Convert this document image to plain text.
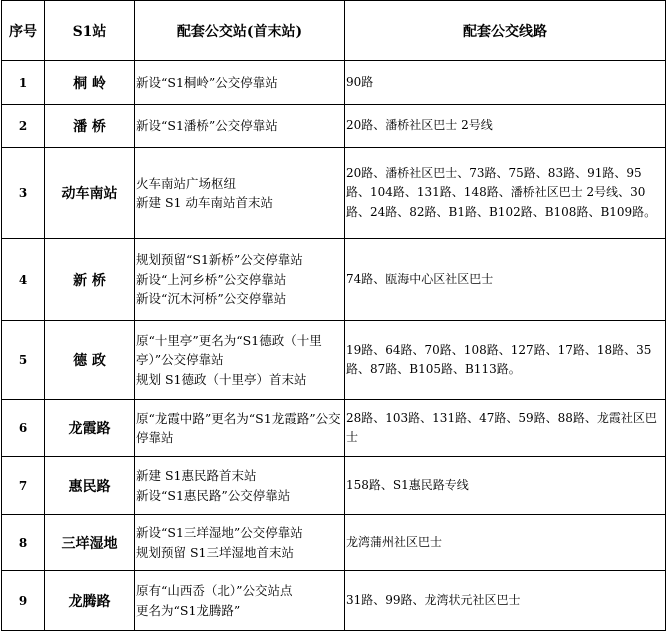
序号	S1站	配套公交站(首末站)	配套公交线路
1	桐 岭	新设“S1桐岭”公交停靠站	90路

2	潘 桥	新设“S1潘桥”公交停靠站	20路、潘桥社区巴士 2号线

3	动车南站	火车南站广场枢纽
新建 S1 动车南站首末站	20路、潘桥社区巴士、73路、75路、83路、91路、95路、104路、131路、148路、潘桥社区巴士 2号线、30路、24路、82路、B1路、B102路、B108路、B109路。

4	新 桥	规划预留“S1新桥”公交停靠站
新设“上河乡桥”公交停靠站
新设“沉木河桥”公交停靠站	74路、瓯海中心区社区巴士

5	德 政	原“十里亭”更名为“S1德政（十里亭）”公交停靠站
规划 S1德政（十里亭）首末站	19路、64路、70路、108路、127路、17路、18路、35路、87路、B105路、B113路。

6	龙霞路	原“龙霞中路”更名为“S1龙霞路”公交停靠站	28路、103路、131路、47路、59路、88路、龙霞社区巴士

7	惠民路	新建 S1惠民路首末站
新设“S1惠民路”公交停靠站	158路、S1惠民路专线

8	三垟湿地	新设“S1三垟湿地”公交停靠站
规划预留 S1三垟湿地首末站	龙湾蒲州社区巴士

9	龙腾路	原有“山西岙（北）”公交站点
更名为“S1龙腾路”	31路、99路、龙湾状元社区巴士
